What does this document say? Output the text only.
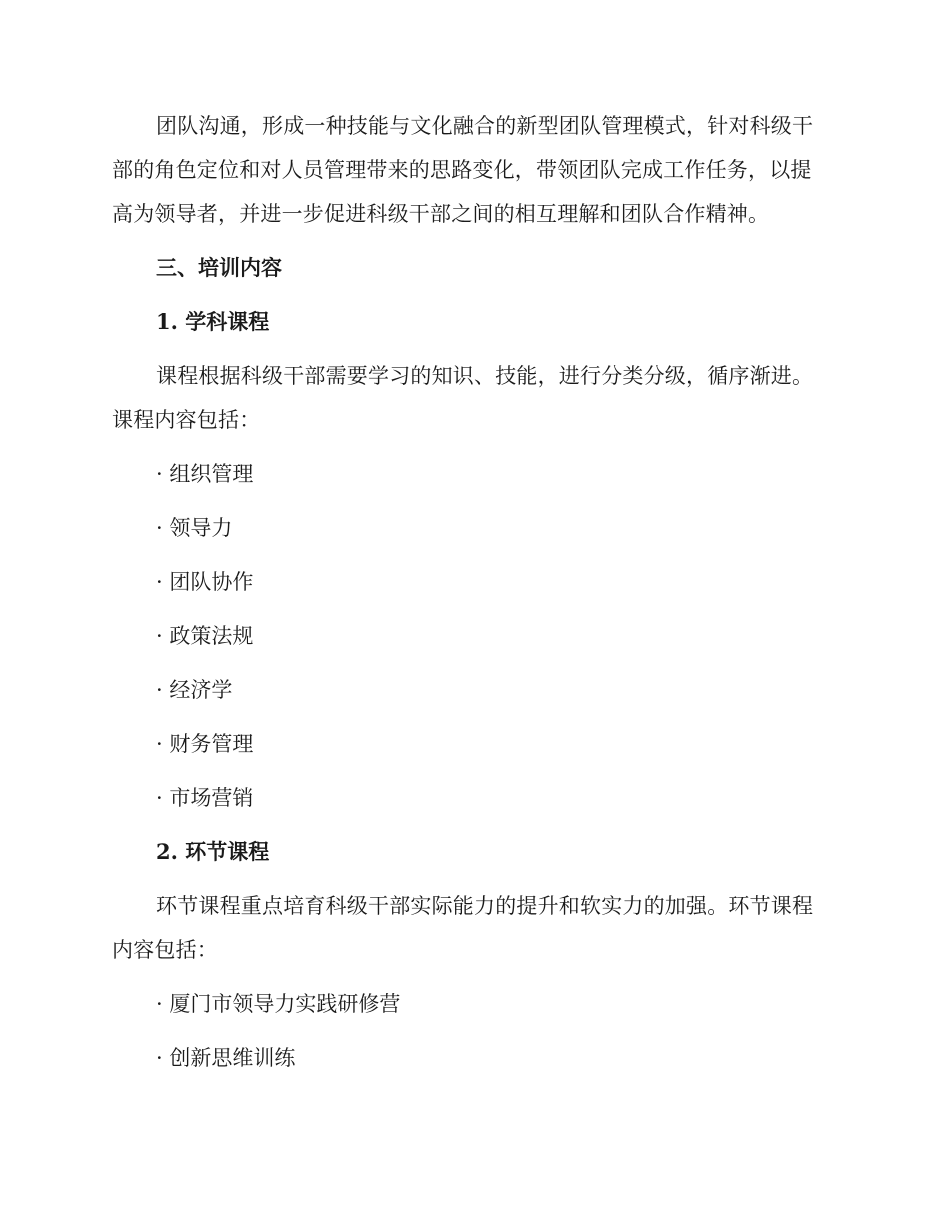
团队沟通，形成一种技能与文化融合的新型团队管理模式，针对科级干部的角色定位和对人员管理带来的思路变化，带领团队完成工作任务，以提高为领导者，并进一步促进科级干部之间的相互理解和团队合作精神。

三、培训内容

1. 学科课程

课程根据科级干部需要学习的知识、技能，进行分类分级，循序渐进。课程内容包括：

· 组织管理

· 领导力

· 团队协作

· 政策法规

· 经济学

· 财务管理

· 市场营销

2. 环节课程

环节课程重点培育科级干部实际能力的提升和软实力的加强。环节课程内容包括：

· 厦门市领导力实践研修营

· 创新思维训练
